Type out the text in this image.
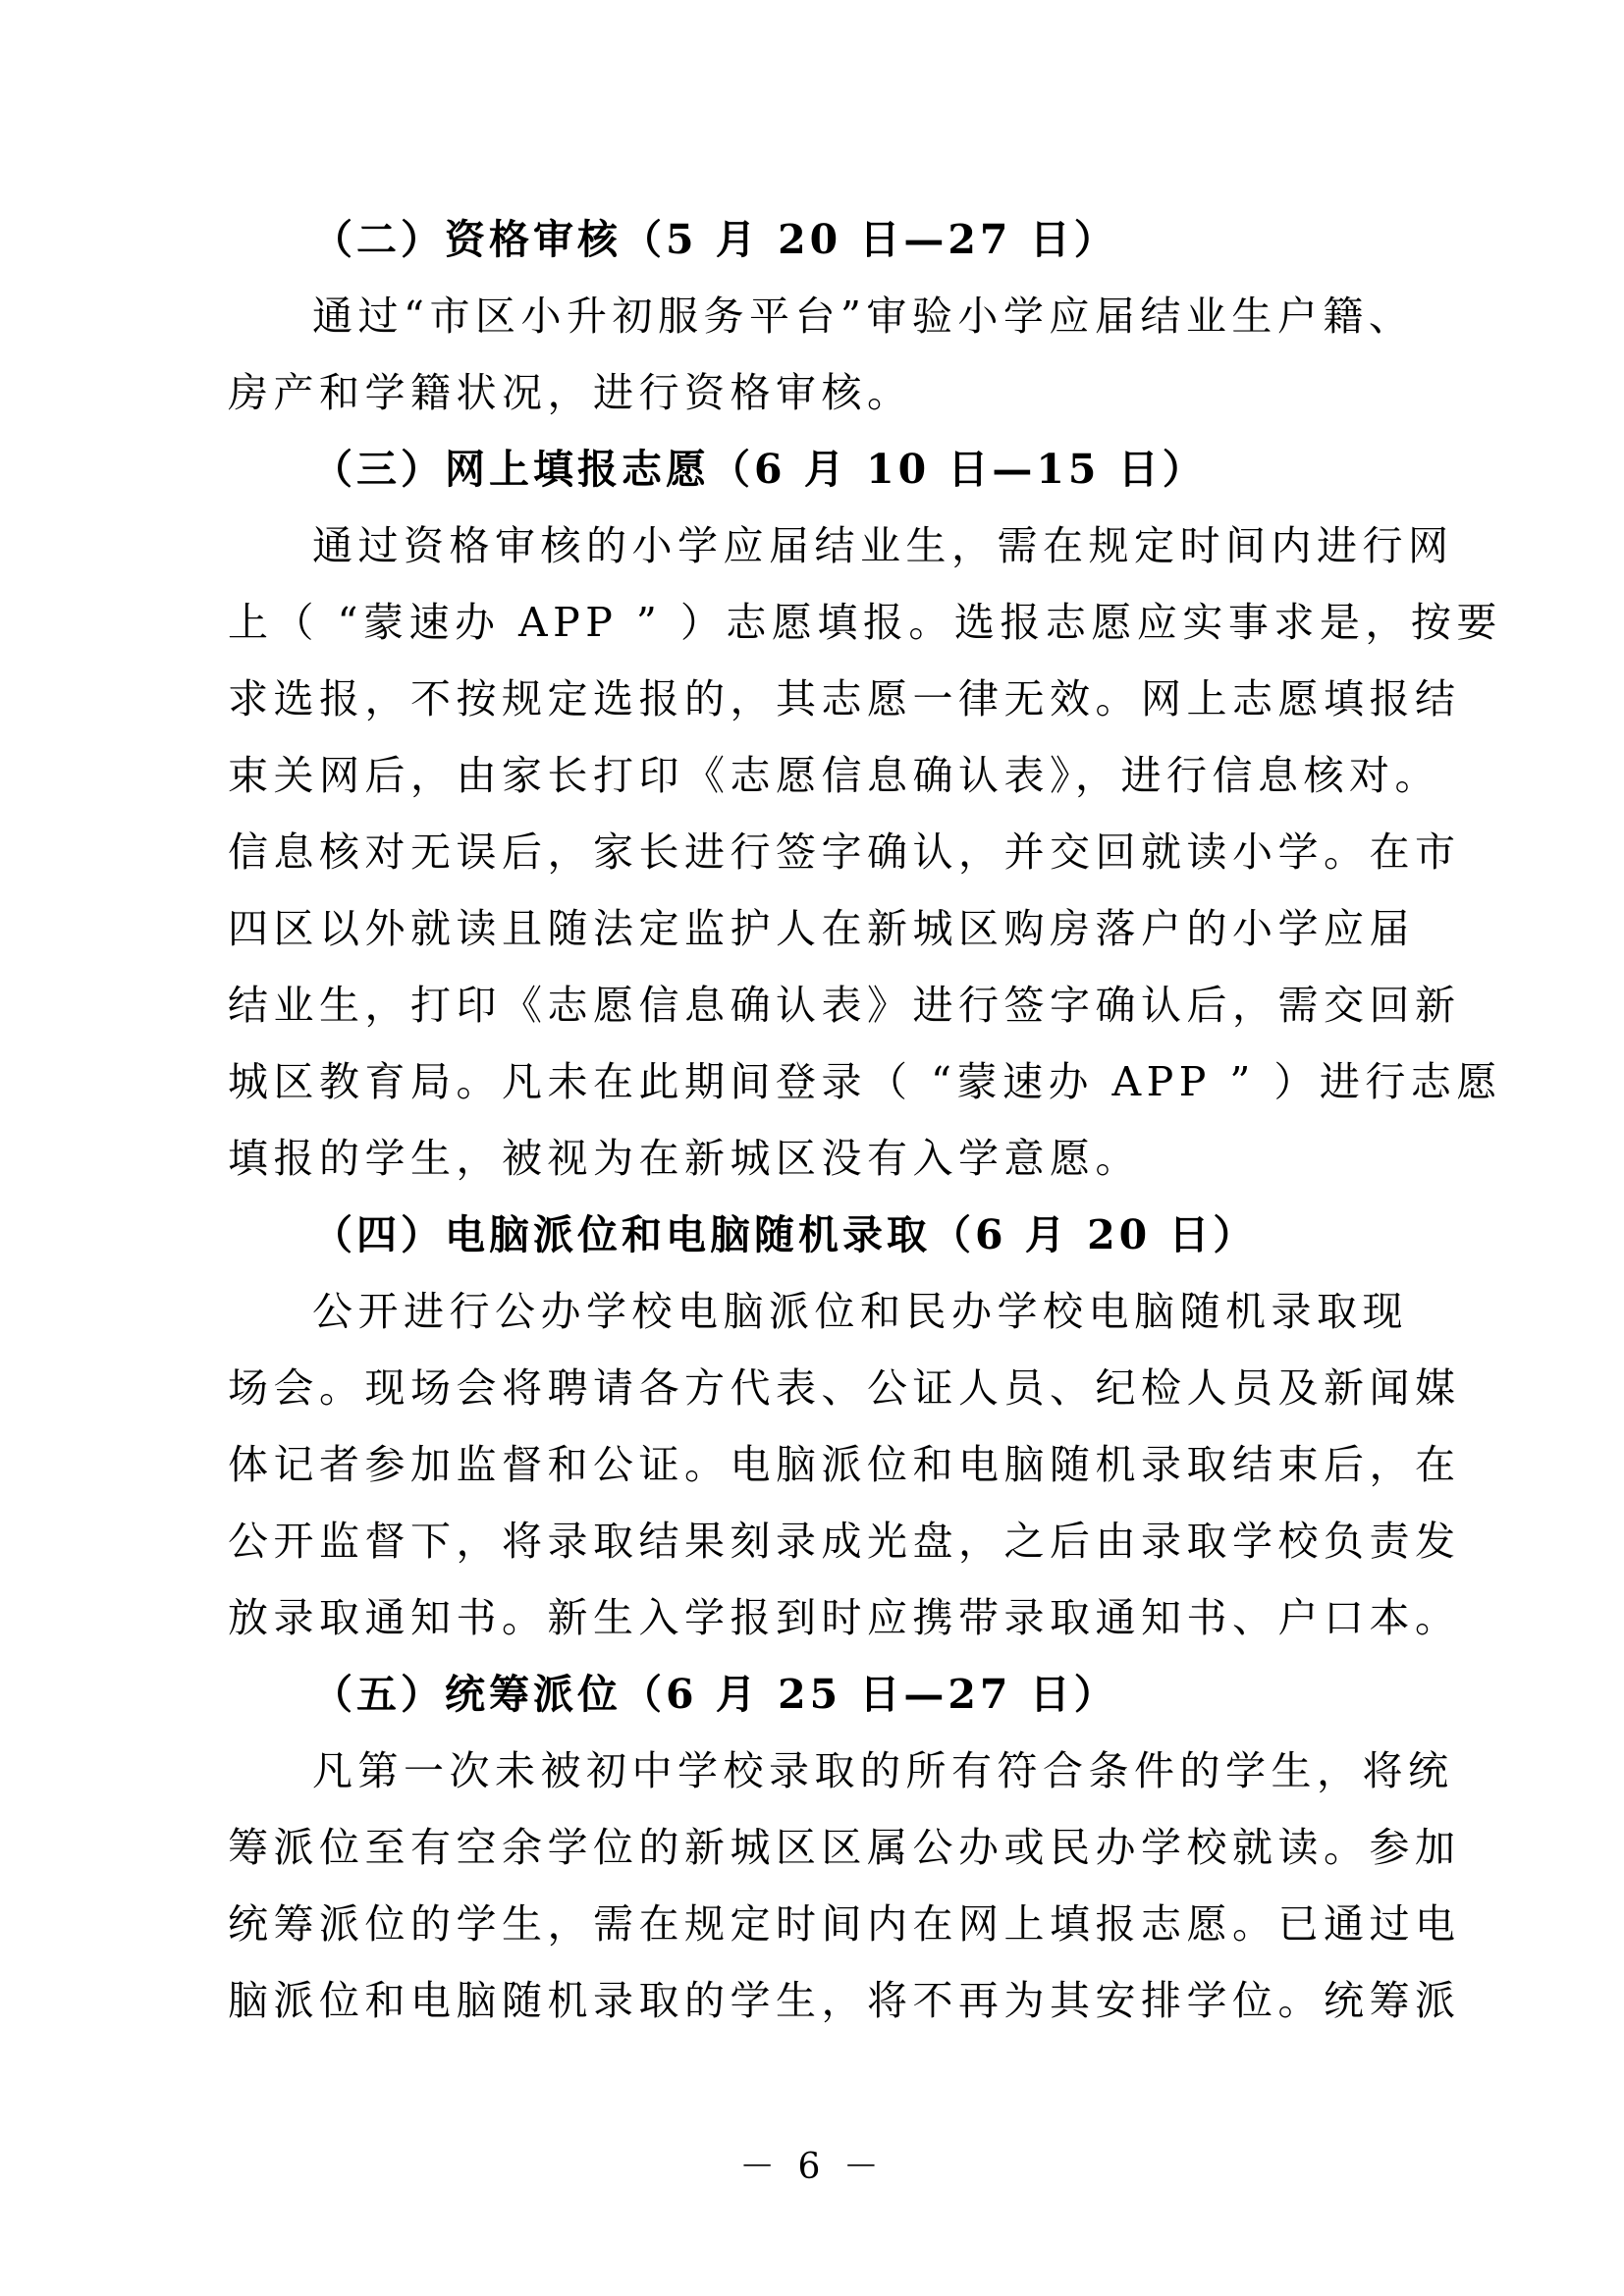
（二）资格审核（5 月 20 日—27 日）
通过“市区小升初服务平台”审验小学应届结业生户籍、
房产和学籍状况，进行资格审核。
（三）网上填报志愿（6 月 10 日—15 日）
通过资格审核的小学应届结业生，需在规定时间内进行网
上（ “蒙速办 APP ” ）志愿填报。选报志愿应实事求是，按要
求选报，不按规定选报的，其志愿一律无效。网上志愿填报结
束关网后，由家长打印《志愿信息确认表》，进行信息核对。
信息核对无误后，家长进行签字确认，并交回就读小学。在市
四区以外就读且随法定监护人在新城区购房落户的小学应届
结业生，打印《志愿信息确认表》进行签字确认后，需交回新
城区教育局。凡未在此期间登录（ “蒙速办 APP ” ）进行志愿
填报的学生，被视为在新城区没有入学意愿。
（四）电脑派位和电脑随机录取（6 月 20 日）
公开进行公办学校电脑派位和民办学校电脑随机录取现
场会。现场会将聘请各方代表、公证人员、纪检人员及新闻媒
体记者参加监督和公证。电脑派位和电脑随机录取结束后，在
公开监督下，将录取结果刻录成光盘，之后由录取学校负责发
放录取通知书。新生入学报到时应携带录取通知书、户口本。
（五）统筹派位（6 月 25 日—27 日）
凡第一次未被初中学校录取的所有符合条件的学生，将统
筹派位至有空余学位的新城区区属公办或民办学校就读。参加
统筹派位的学生，需在规定时间内在网上填报志愿。已通过电
脑派位和电脑随机录取的学生，将不再为其安排学位。统筹派
－ 6 －
